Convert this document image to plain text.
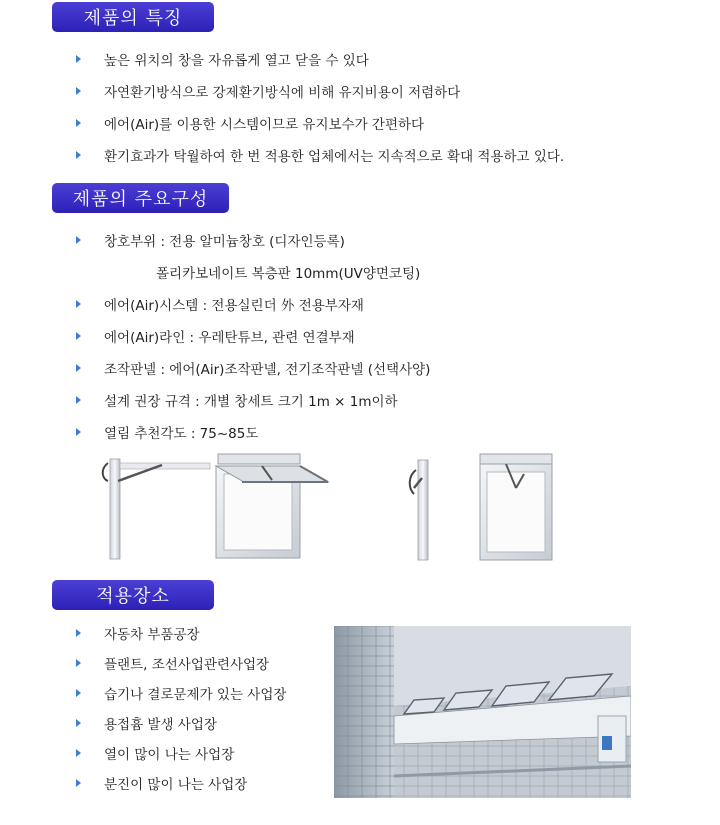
제품의 특징
높은 위치의 창을 자유롭게 열고 닫을 수 있다
자연환기방식으로 강제환기방식에 비해 유지비용이 저렴하다
에어(Air)를 이용한 시스템이므로 유지보수가 간편하다
환기효과가 탁월하여 한 번 적용한 업체에서는 지속적으로 확대 적용하고 있다.
제품의 주요구성
창호부위 : 전용 알미늄창호 (디자인등록)
폴리카보네이트 복층판 10mm(UV양면코팅)
에어(Air)시스템 : 전용실린더 外 전용부자재
에어(Air)라인 : 우레탄튜브, 관련 연결부재
조작판넬 : 에어(Air)조작판넬, 전기조작판넬 (선택사양)
설계 권장 규격 : 개별 창세트 크기 1m × 1m이하
열림 추천각도 : 75~85도
적용장소
자동차 부품공장
플랜트, 조선사업관련사업장
습기나 결로문제가 있는 사업장
용접흄 발생 사업장
열이 많이 나는 사업장
분진이 많이 나는 사업장
